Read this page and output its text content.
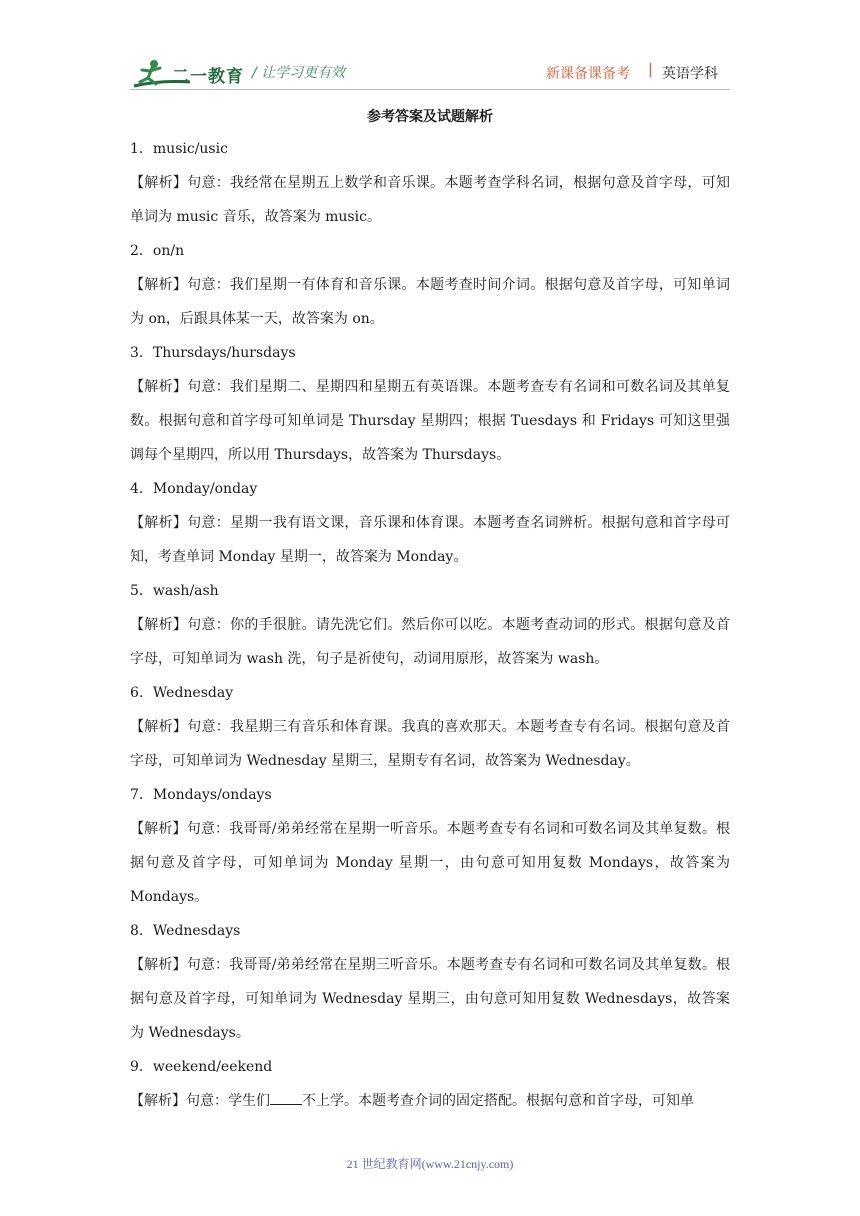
二一教育 / 让学习更有效	新课备课备考 | 英语学科
参考答案及试题解析

1．music/usic

【解析】句意：我经常在星期五上数学和音乐课。本题考查学科名词，根据句意及首字母，可知单词为 music 音乐，故答案为 music。

2．on/n

【解析】句意：我们星期一有体育和音乐课。本题考查时间介词。根据句意及首字母，可知单词为 on，后跟具体某一天，故答案为 on。

3．Thursdays/hursdays

【解析】句意：我们星期二、星期四和星期五有英语课。本题考查专有名词和可数名词及其单复数。根据句意和首字母可知单词是 Thursday 星期四；根据 Tuesdays 和 Fridays 可知这里强调每个星期四，所以用 Thursdays，故答案为 Thursdays。

4．Monday/onday

【解析】句意：星期一我有语文课，音乐课和体育课。本题考查名词辨析。根据句意和首字母可知，考查单词 Monday 星期一，故答案为 Monday。

5．wash/ash

【解析】句意：你的手很脏。请先洗它们。然后你可以吃。本题考查动词的形式。根据句意及首字母，可知单词为 wash 洗，句子是祈使句，动词用原形，故答案为 wash。

6．Wednesday

【解析】句意：我星期三有音乐和体育课。我真的喜欢那天。本题考查专有名词。根据句意及首字母，可知单词为 Wednesday 星期三，星期专有名词，故答案为 Wednesday。

7．Mondays/ondays

【解析】句意：我哥哥/弟弟经常在星期一听音乐。本题考查专有名词和可数名词及其单复数。根据句意及首字母，可知单词为 Monday 星期一，由句意可知用复数 Mondays，故答案为 Mondays。

8．Wednesdays

【解析】句意：我哥哥/弟弟经常在星期三听音乐。本题考查专有名词和可数名词及其单复数。根据句意及首字母，可知单词为 Wednesday 星期三，由句意可知用复数 Wednesdays，故答案为 Wednesdays。

9．weekend/eekend

【解析】句意：学生们 不上学。本题考查介词的固定搭配。根据句意和首字母，可知单

21 世纪教育网(www.21cnjy.com)
